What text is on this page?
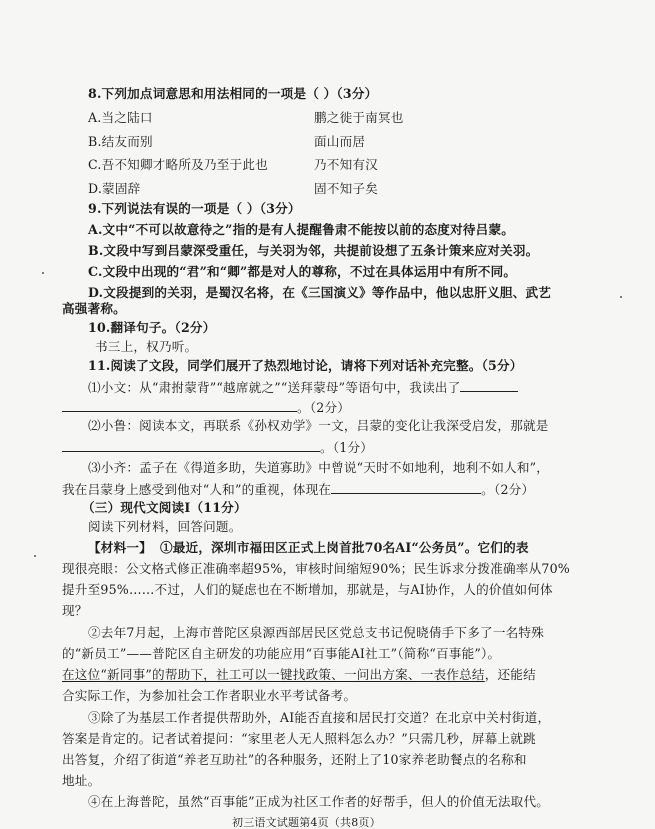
8.下列加点词意思和用法相同的一项是（ ）（3分）
A.当之陆口	鹏之徙于南冥也
B.结友而别	面山而居
C.吾不知卿才略所及乃至于此也	乃不知有汉
D.蒙固辞	固不知子矣
9.下列说法有误的一项是（ ）（3分）
A.文中“不可以故意待之”指的是有人提醒鲁肃不能按以前的态度对待吕蒙。
B.文段中写到吕蒙深受重任，与关羽为邻，共提前设想了五条计策来应对关羽。
C.文段中出现的“君”和“卿”都是对人的尊称，不过在具体运用中有所不同。
D.文段提到的关羽，是蜀汉名将，在《三国演义》等作品中，他以忠肝义胆、武艺
高强著称。
10.翻译句子。（2分）
书三上，权乃听。
11.阅读了文段，同学们展开了热烈地讨论，请将下列对话补充完整。（5分）
⑴小文：从“肃拊蒙背”“越席就之”“送拜蒙母”等语句中，我读出了
。（2分）
⑵小鲁：阅读本文，再联系《孙权劝学》一文，吕蒙的变化让我深受启发，那就是
。（1分）
⑶小齐：孟子在《得道多助，失道寡助》中曾说“天时不如地利，地利不如人和”，
我在吕蒙身上感受到他对“人和”的重视，体现在	。（2分）
（三）现代文阅读Ⅰ（11分）
阅读下列材料，回答问题。
【材料一】 ①最近，深圳市福田区正式上岗首批70名AI“公务员”。它们的表
现很亮眼：公文格式修正准确率超95%，审核时间缩短90%；民生诉求分拨准确率从70%
提升至95%……不过，人们的疑虑也在不断增加，那就是，与AI协作，人的价值如何体
现？
②去年7月起，上海市普陀区泉源西部居民区党总支书记倪晓倩手下多了一名特殊
的“新员工”——普陀区自主研发的功能应用“百事能AI社工”（简称“百事能”）。
在这位“新同事”的帮助下，社工可以一键找政策、一问出方案、一表作总结，还能结
合实际工作，为参加社会工作者职业水平考试备考。
③除了为基层工作者提供帮助外，AI能否直接和居民打交道？在北京中关村街道，
答案是肯定的。记者试着提问：“家里老人无人照料怎么办？”只需几秒，屏幕上就跳
出答复，介绍了街道“养老互助社”的各种服务，还附上了10家养老助餐点的名称和
地址。
④在上海普陀，虽然“百事能”正成为社区工作者的好帮手，但人的价值无法取代。
初三语文试题第4页（共8页）
